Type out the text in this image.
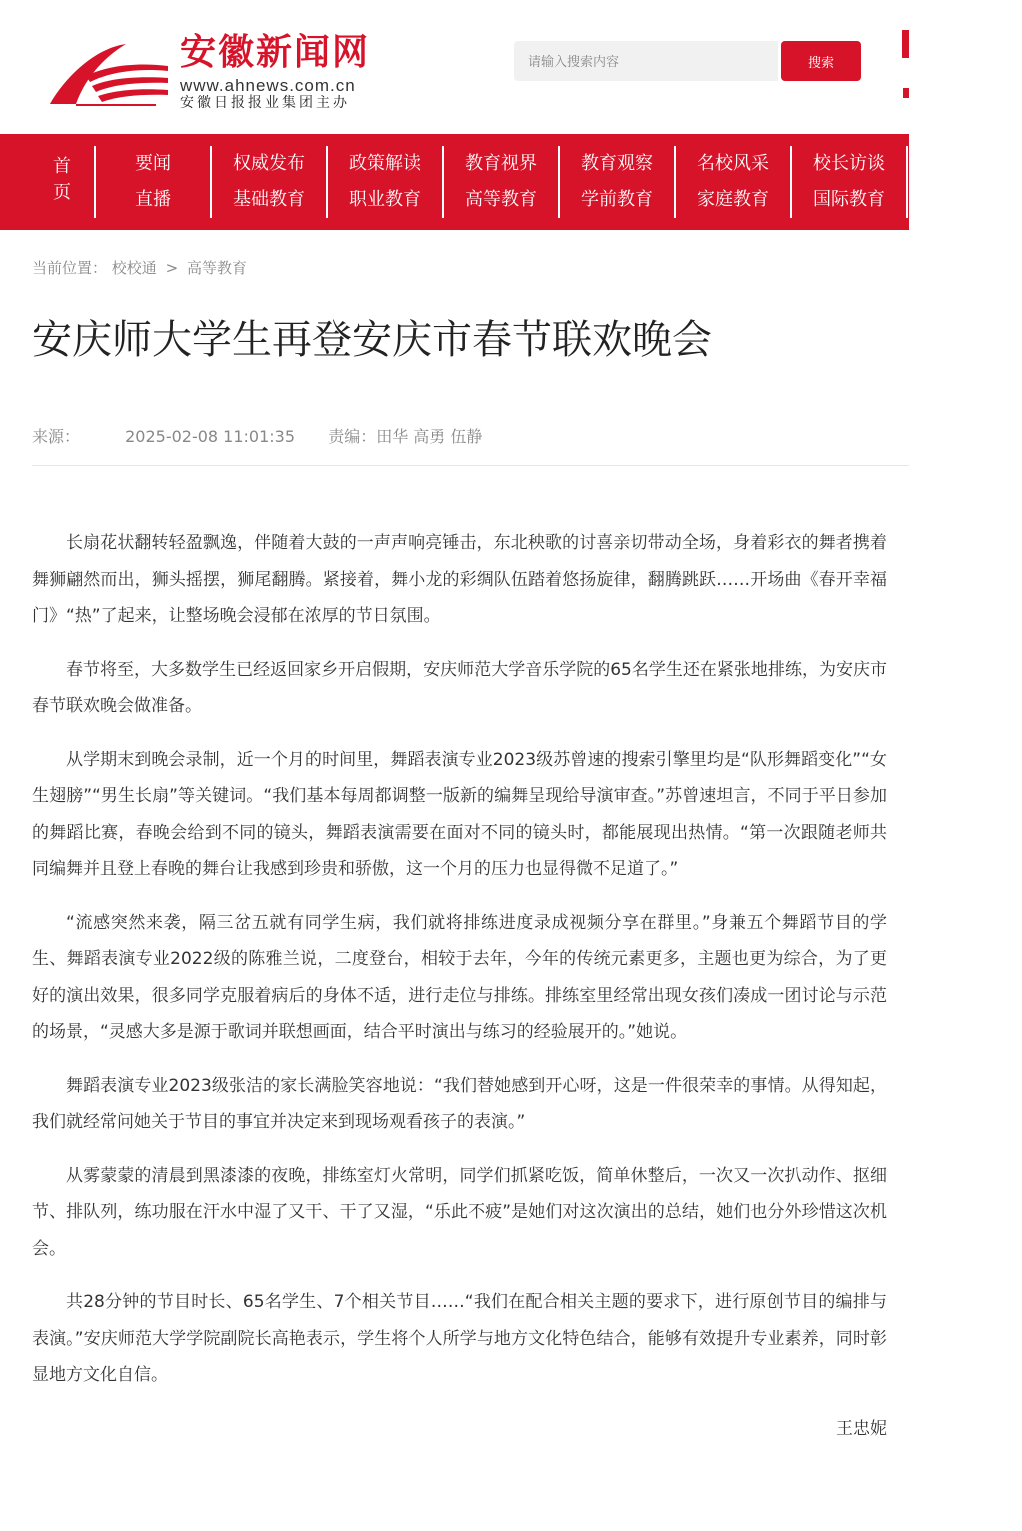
安徽新闻网
www.ahnews.com.cn
安徽日报报业集团主办
请输入搜索内容
搜索
首
页
要闻	权威发布	政策解读	教育视界	教育观察	名校风采	校长访谈	名
直播	基础教育	职业教育	高等教育	学前教育	家庭教育	国际教育	校
当前位置： 校校通 > 高等教育
安庆师大学生再登安庆市春节联欢晚会
来源：	2025-02-08 11:01:35 责编：田华 高勇 伍静

长扇花状翻转轻盈飘逸，伴随着大鼓的一声声响亮锤击，东北秧歌的讨喜亲切带动全场，身着彩衣的舞者携着舞狮翩然而出，狮头摇摆，狮尾翻腾。紧接着，舞小龙的彩绸队伍踏着悠扬旋律，翻腾跳跃……开场曲《春开幸福门》“热”了起来，让整场晚会浸郁在浓厚的节日氛围。

春节将至，大多数学生已经返回家乡开启假期，安庆师范大学音乐学院的65名学生还在紧张地排练，为安庆市春节联欢晚会做准备。

从学期末到晚会录制，近一个月的时间里，舞蹈表演专业2023级苏曾速的搜索引擎里均是“队形舞蹈变化”“女生翅膀”“男生长扇”等关键词。“我们基本每周都调整一版新的编舞呈现给导演审查。”苏曾速坦言，不同于平日参加的舞蹈比赛，春晚会给到不同的镜头，舞蹈表演需要在面对不同的镜头时，都能展现出热情。“第一次跟随老师共同编舞并且登上春晚的舞台让我感到珍贵和骄傲，这一个月的压力也显得微不足道了。”

“流感突然来袭，隔三岔五就有同学生病，我们就将排练进度录成视频分享在群里。”身兼五个舞蹈节目的学生、舞蹈表演专业2022级的陈雅兰说，二度登台，相较于去年，今年的传统元素更多，主题也更为综合，为了更好的演出效果，很多同学克服着病后的身体不适，进行走位与排练。排练室里经常出现女孩们凑成一团讨论与示范的场景，“灵感大多是源于歌词并联想画面，结合平时演出与练习的经验展开的。”她说。

舞蹈表演专业2023级张洁的家长满脸笑容地说：“我们替她感到开心呀，这是一件很荣幸的事情。从得知起，我们就经常问她关于节目的事宜并决定来到现场观看孩子的表演。”

从雾蒙蒙的清晨到黑漆漆的夜晚，排练室灯火常明，同学们抓紧吃饭，简单休整后，一次又一次扒动作、抠细节、排队列，练功服在汗水中湿了又干、干了又湿，“乐此不疲”是她们对这次演出的总结，她们也分外珍惜这次机会。

共28分钟的节目时长、65名学生、7个相关节目……“我们在配合相关主题的要求下，进行原创节目的编排与表演。”安庆师范大学学院副院长高艳表示，学生将个人所学与地方文化特色结合，能够有效提升专业素养，同时彰显地方文化自信。

王忠妮
